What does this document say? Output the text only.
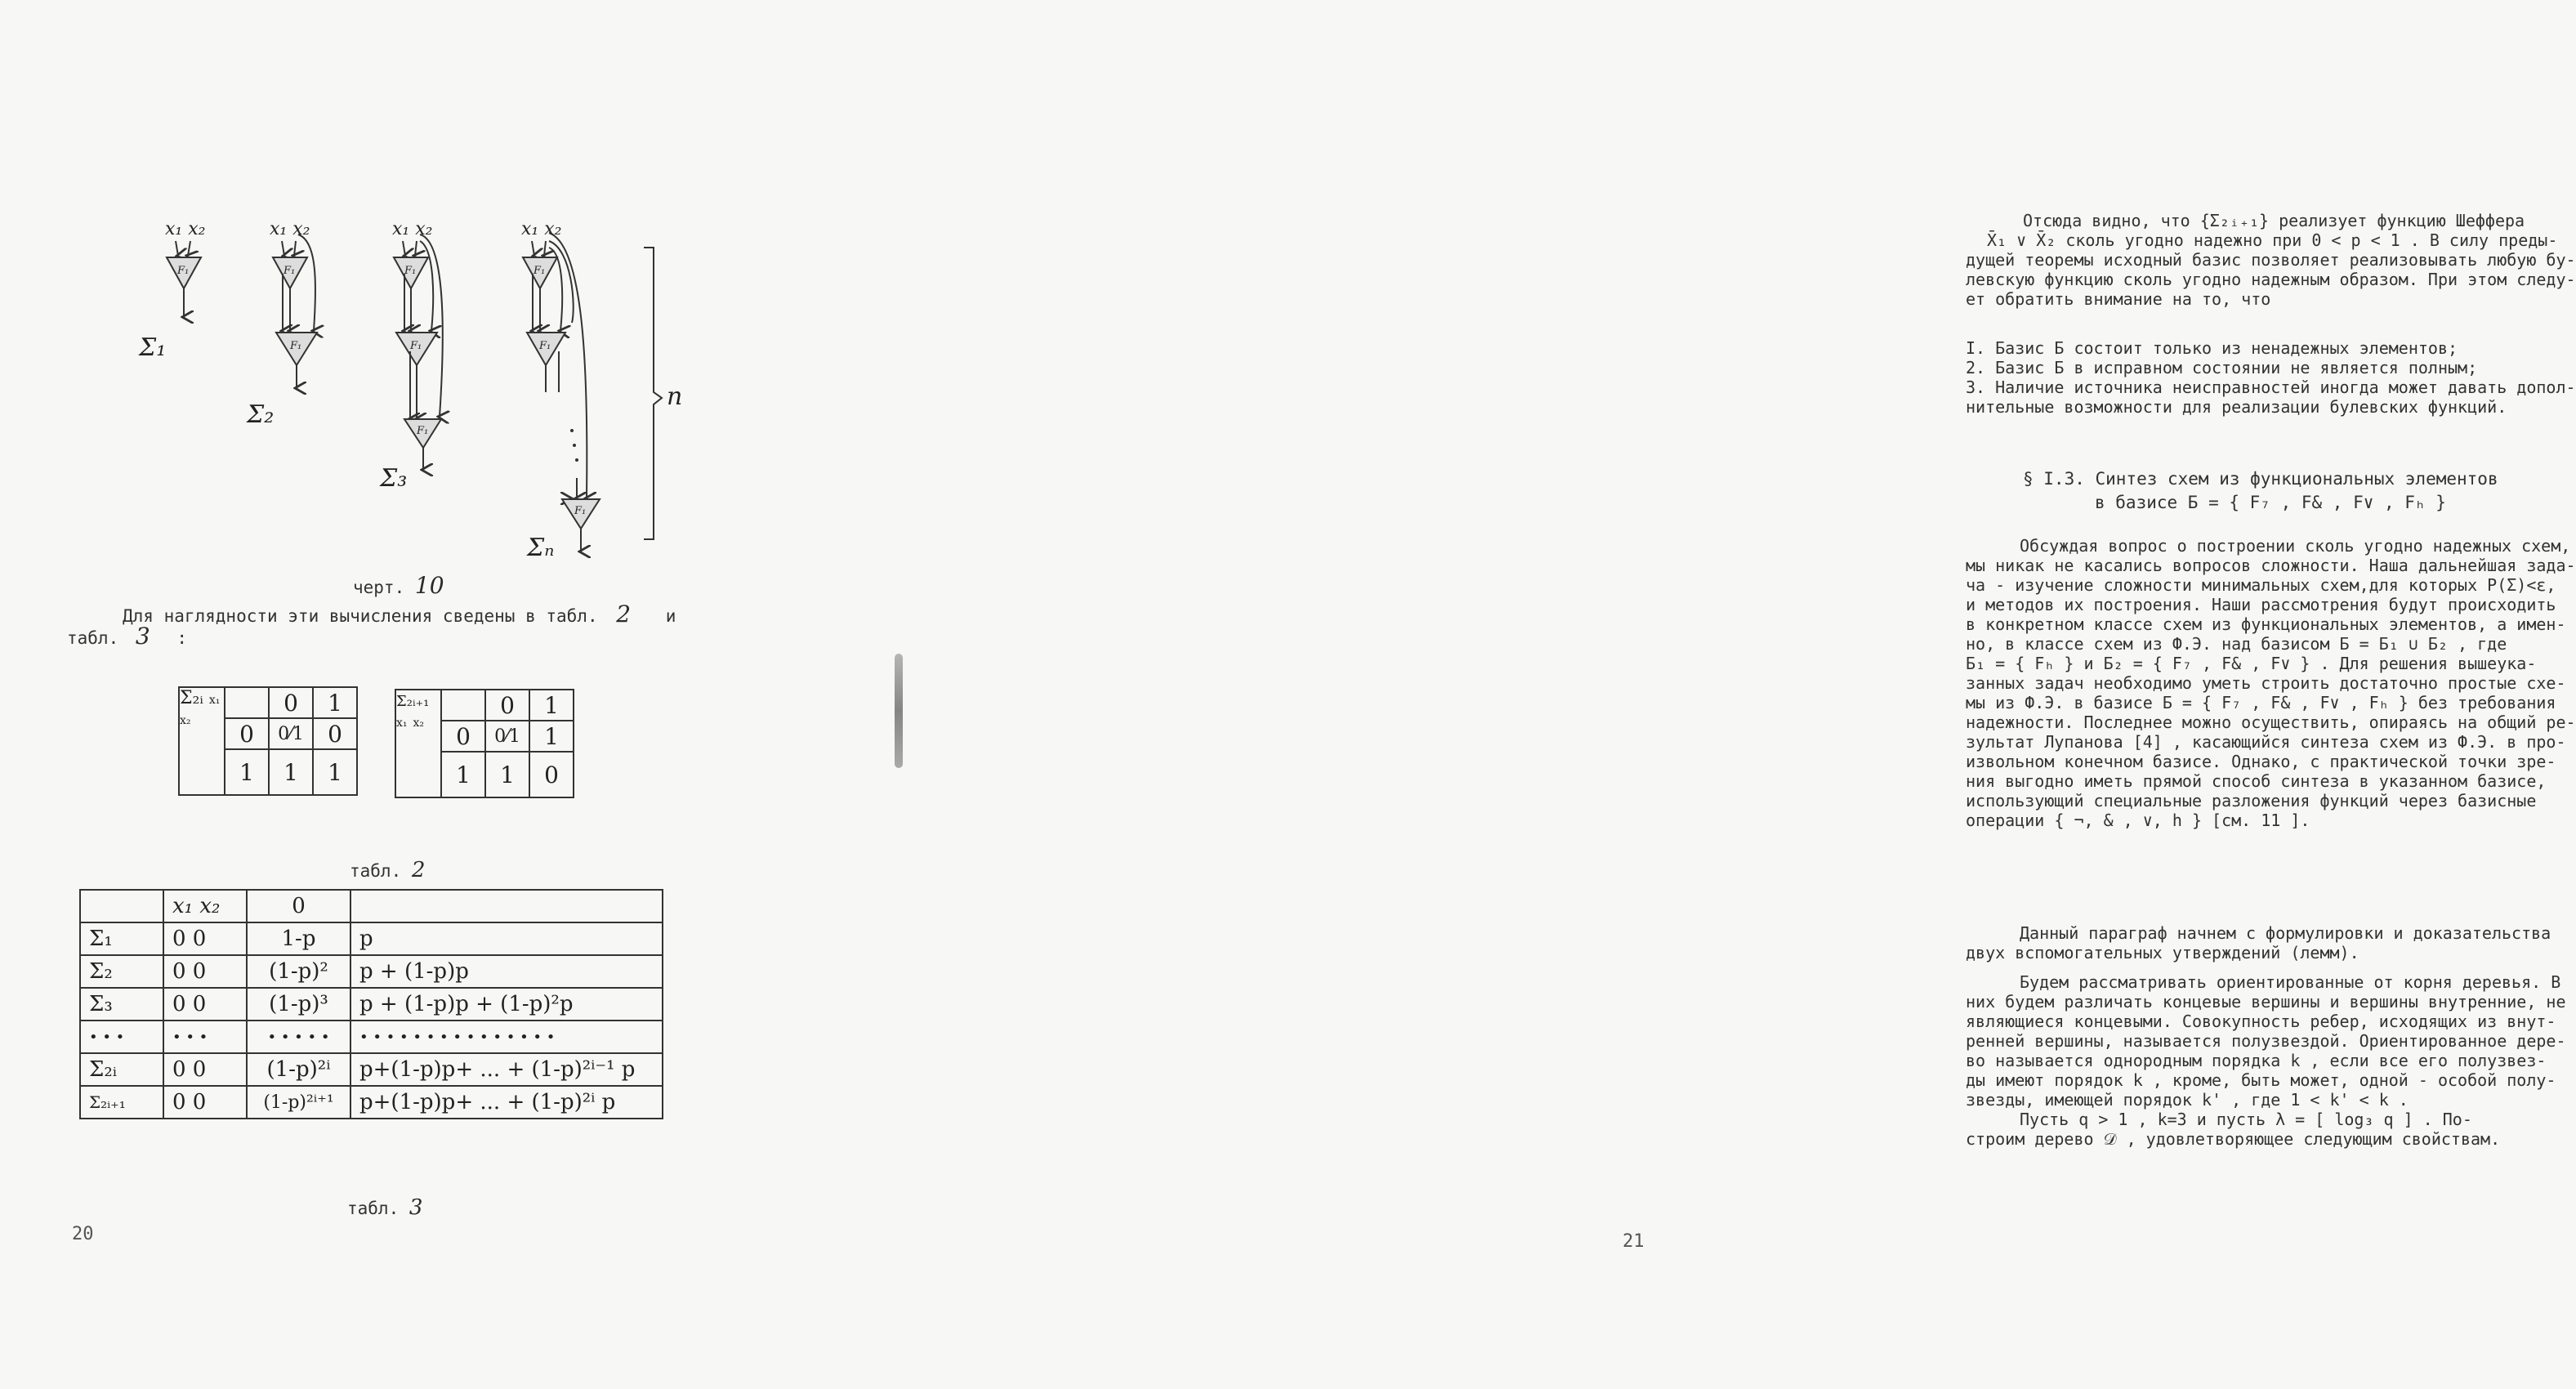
x₁ x₂	x₁ x₂	x₁ x₂	x₁ x₂
F₁	F₁
F₁
F₁
F₁
F₁
F₁
F₁
F₁
Σ₁
Σ₂
Σ₃
Σₙ
n
черт. 10
Для наглядности эти вычисления сведены в табл. 2 и
табл. 3 :
Σ₂ᵢ x₁ x₂		0	1
	0	0⁄1	0
	1	1	1
Σ₂ᵢ₊₁ x₁ x₂		0	1
	0	0⁄1	1
	1	1	0
табл. 2
	x₁ x₂	0	
Σ₁	0 0	1-p	p
Σ₂	0 0	(1-p)²	p + (1-p)p
Σ₃	0 0	(1-p)³	p + (1-p)p + (1-p)²p
• • •	• • •	• • • • •	• • • • • • • • • • • • • • •
Σ₂ᵢ	0 0	(1-p)²ⁱ	p+(1-p)p+ ... + (1-p)²ⁱ⁻¹ p
Σ₂ᵢ₊₁	0 0	(1-p)²ⁱ⁺¹	p+(1-p)p+ ... + (1-p)²ⁱ p
табл. 3
20
Отсюда видно, что {Σ₂ᵢ₊₁} реализует функцию Шеффера
X̄₁ ∨ X̄₂ сколь угодно надежно при 0 < p < 1 . В силу преды-
дущей теоремы исходный базис позволяет реализовывать любую бу-
левскую функцию сколь угодно надежным образом. При этом следу-
ет обратить внимание на то, что
I. Базис Б состоит только из ненадежных элементов;
2. Базис Б в исправном состоянии не является полным;
3. Наличие источника неисправностей иногда может давать допол-
нительные возможности для реализации булевских функций.
§ I.3. Синтез схем из функциональных элементов
в базисе Б = { F₇ , F& , F∨ , Fₕ }
Обсуждая вопрос о построении сколь угодно надежных схем,
мы никак не касались вопросов сложности. Наша дальнейшая зада-
ча - изучение сложности минимальных схем,для которых P(Σ)<ε,
и методов их построения. Наши рассмотрения будут происходить
в конкретном классе схем из функциональных элементов, а имен-
но, в классе схем из Ф.Э. над базисом Б = Б₁ ∪ Б₂ , где
Б₁ = { Fₕ } и Б₂ = { F₇ , F& , F∨ } . Для решения вышеука-
занных задач необходимо уметь строить достаточно простые схе-
мы из Ф.Э. в базисе Б = { F₇ , F& , F∨ , Fₕ } без требования
надежности. Последнее можно осуществить, опираясь на общий ре-
зультат Лупанова [4] , касающийся синтеза схем из Ф.Э. в про-
извольном конечном базисе. Однако, с практической точки зре-
ния выгодно иметь прямой способ синтеза в указанном базисе,
использующий специальные разложения функций через базисные
операции { ¬, & , ∨, h } [см. 11 ].
Данный параграф начнем с формулировки и доказательства
двух вспомогательных утверждений (лемм).
Будем рассматривать ориентированные от корня деревья. В
них будем различать концевые вершины и вершины внутренние, не
являющиеся концевыми. Совокупность ребер, исходящих из внут-
ренней вершины, называется полузвездой. Ориентированное дере-
во называется однородным порядка k , если все его полузвез-
ды имеют порядок k , кроме, быть может, одной - особой полу-
звезды, имеющей порядок k' , где 1 < k' < k .
Пусть q > 1 , k=3 и пусть λ = [ log₃ q ] . По-
строим дерево 𝒟 , удовлетворяющее следующим свойствам.
21
